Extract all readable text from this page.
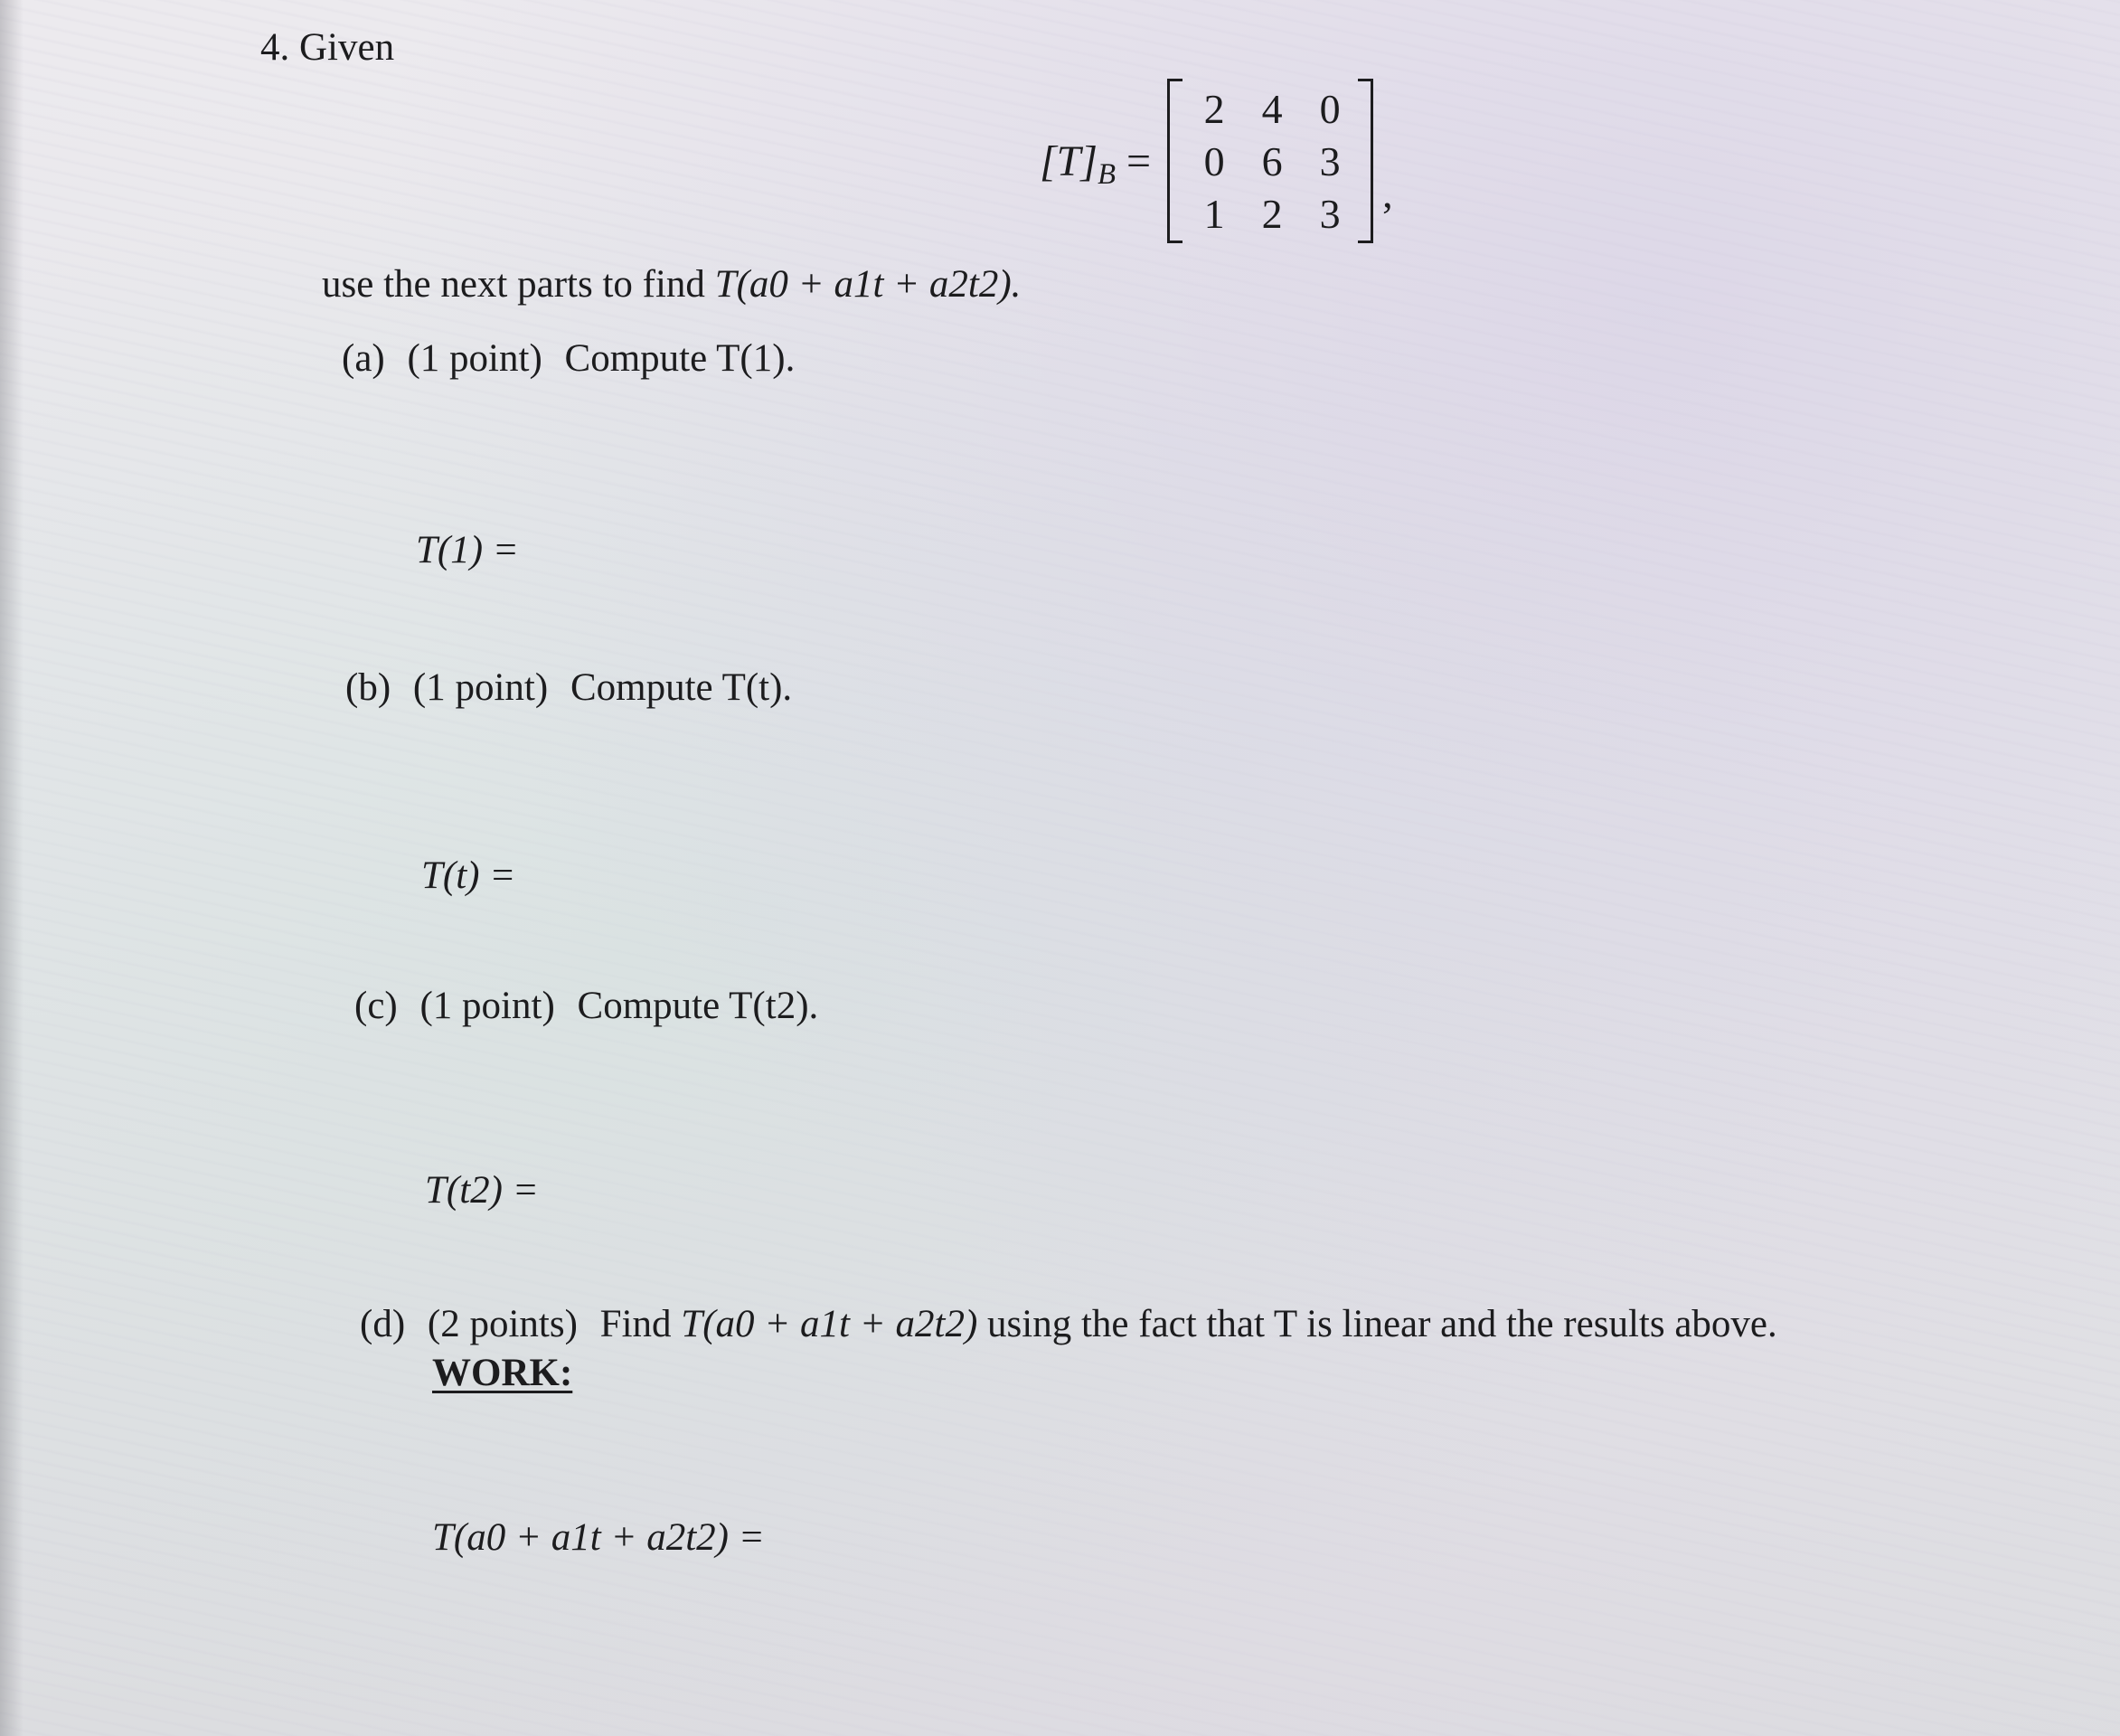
4. Given
$[T]_B$ =
2 4 0
0 6 3
1 2 3	,
use the next parts to find T(a0 + a1t + a2t2).
(a) (1 point) Compute T(1).
T(1) =
(b) (1 point) Compute T(t).
T(t) =
(c) (1 point) Compute T(t2).
T(t2) =
(d) (2 points) Find T(a0 + a1t + a2t2) using the fact that T is linear and the results above.
WORK:
T(a0 + a1t + a2t2) =
